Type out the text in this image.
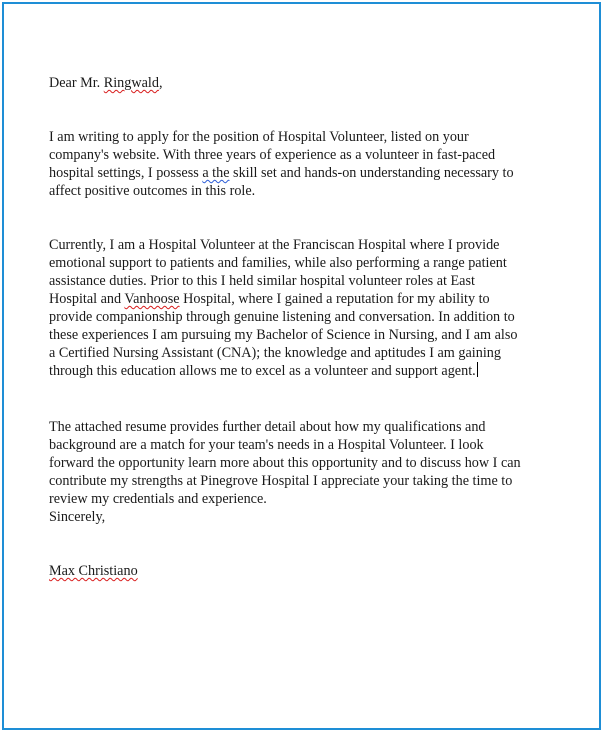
Dear Mr. Ringwald,

I am writing to apply for the position of Hospital Volunteer, listed on your

company's website. With three years of experience as a volunteer in fast-paced

hospital settings, I possess a the skill set and hands-on understanding necessary to

affect positive outcomes in this role.

Currently, I am a Hospital Volunteer at the Franciscan Hospital where I provide

emotional support to patients and families, while also performing a range patient

assistance duties. Prior to this I held similar hospital volunteer roles at East

Hospital and Vanhoose Hospital, where I gained a reputation for my ability to

provide companionship through genuine listening and conversation. In addition to

these experiences I am pursuing my Bachelor of Science in Nursing, and I am also

a Certified Nursing Assistant (CNA); the knowledge and aptitudes I am gaining

through this education allows me to excel as a volunteer and support agent.

The attached resume provides further detail about how my qualifications and

background are a match for your team's needs in a Hospital Volunteer. I look

forward the opportunity learn more about this opportunity and to discuss how I can

contribute my strengths at Pinegrove Hospital I appreciate your taking the time to

review my credentials and experience.

Sincerely,

Max Christiano
